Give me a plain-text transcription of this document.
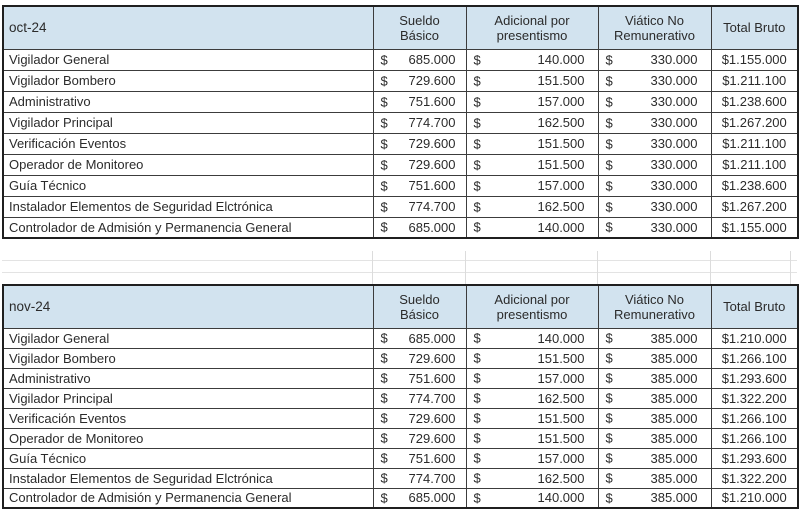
oct-24	Sueldo Básico	Adicional por presentismo	Viático No Remunerativo	Total Bruto
Vigilador General	$ 685.000	$ 140.000	$ 330.000	$1.155.000
Vigilador Bombero	$ 729.600	$ 151.500	$ 330.000	$1.211.100
Administrativo	$ 751.600	$ 157.000	$ 330.000	$1.238.600
Vigilador Principal	$ 774.700	$ 162.500	$ 330.000	$1.267.200
Verificación Eventos	$ 729.600	$ 151.500	$ 330.000	$1.211.100
Operador de Monitoreo	$ 729.600	$ 151.500	$ 330.000	$1.211.100
Guía Técnico	$ 751.600	$ 157.000	$ 330.000	$1.238.600
Instalador Elementos de Seguridad Elctrónica	$ 774.700	$ 162.500	$ 330.000	$1.267.200
Controlador de Admisión y Permanencia General	$ 685.000	$ 140.000	$ 330.000	$1.155.000
nov-24	Sueldo Básico	Adicional por presentismo	Viático No Remunerativo	Total Bruto
Vigilador General	$ 685.000	$ 140.000	$ 385.000	$1.210.000
Vigilador Bombero	$ 729.600	$ 151.500	$ 385.000	$1.266.100
Administrativo	$ 751.600	$ 157.000	$ 385.000	$1.293.600
Vigilador Principal	$ 774.700	$ 162.500	$ 385.000	$1.322.200
Verificación Eventos	$ 729.600	$ 151.500	$ 385.000	$1.266.100
Operador de Monitoreo	$ 729.600	$ 151.500	$ 385.000	$1.266.100
Guía Técnico	$ 751.600	$ 157.000	$ 385.000	$1.293.600
Instalador Elementos de Seguridad Elctrónica	$ 774.700	$ 162.500	$ 385.000	$1.322.200
Controlador de Admisión y Permanencia General	$ 685.000	$ 140.000	$ 385.000	$1.210.000
